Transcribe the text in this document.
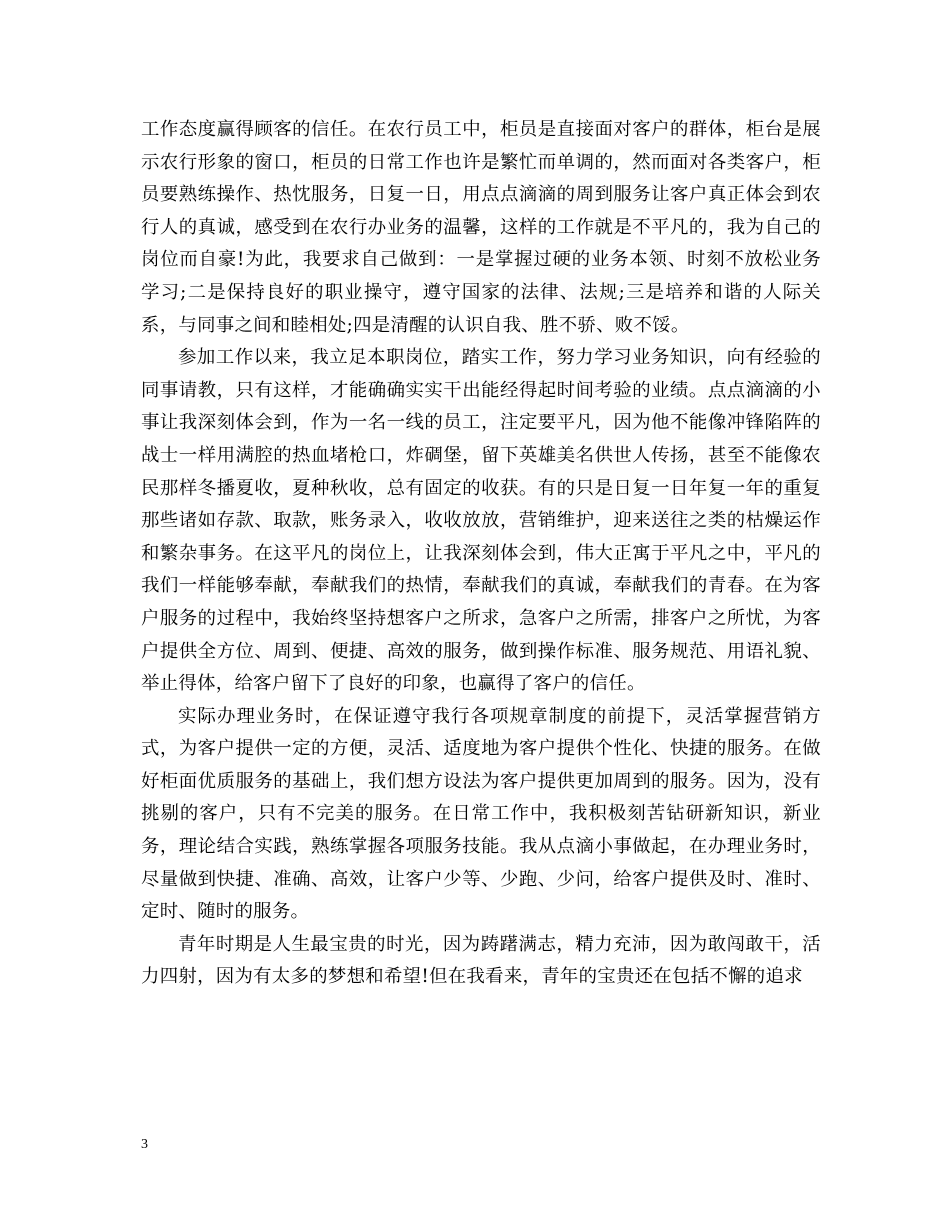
工作态度赢得顾客的信任。在农行员工中，柜员是直接面对客户的群体，柜台是展示农行形象的窗口，柜员的日常工作也许是繁忙而单调的，然而面对各类客户，柜员要熟练操作、热忱服务，日复一日，用点点滴滴的周到服务让客户真正体会到农行人的真诚，感受到在农行办业务的温馨，这样的工作就是不平凡的，我为自己的岗位而自豪!为此，我要求自己做到：一是掌握过硬的业务本领、时刻不放松业务学习;二是保持良好的职业操守，遵守国家的法律、法规;三是培养和谐的人际关系，与同事之间和睦相处;四是清醒的认识自我、胜不骄、败不馁。

参加工作以来，我立足本职岗位，踏实工作，努力学习业务知识，向有经验的同事请教，只有这样，才能确确实实干出能经得起时间考验的业绩。点点滴滴的小事让我深刻体会到，作为一名一线的员工，注定要平凡，因为他不能像冲锋陷阵的战士一样用满腔的热血堵枪口，炸碉堡，留下英雄美名供世人传扬，甚至不能像农民那样冬播夏收，夏种秋收，总有固定的收获。有的只是日复一日年复一年的重复那些诸如存款、取款，账务录入，收收放放，营销维护，迎来送往之类的枯燥运作和繁杂事务。在这平凡的岗位上，让我深刻体会到，伟大正寓于平凡之中，平凡的我们一样能够奉献，奉献我们的热情，奉献我们的真诚，奉献我们的青春。在为客户服务的过程中，我始终坚持想客户之所求，急客户之所需，排客户之所忧，为客户提供全方位、周到、便捷、高效的服务，做到操作标准、服务规范、用语礼貌、举止得体，给客户留下了良好的印象，也赢得了客户的信任。

实际办理业务时，在保证遵守我行各项规章制度的前提下，灵活掌握营销方式，为客户提供一定的方便，灵活、适度地为客户提供个性化、快捷的服务。在做好柜面优质服务的基础上，我们想方设法为客户提供更加周到的服务。因为，没有挑剔的客户，只有不完美的服务。在日常工作中，我积极刻苦钻研新知识，新业务，理论结合实践，熟练掌握各项服务技能。我从点滴小事做起，在办理业务时，尽量做到快捷、准确、高效，让客户少等、少跑、少问，给客户提供及时、准时、定时、随时的服务。

青年时期是人生最宝贵的时光，因为踌躇满志，精力充沛，因为敢闯敢干，活力四射，因为有太多的梦想和希望!但在我看来，青年的宝贵还在包括不懈的追求

3
